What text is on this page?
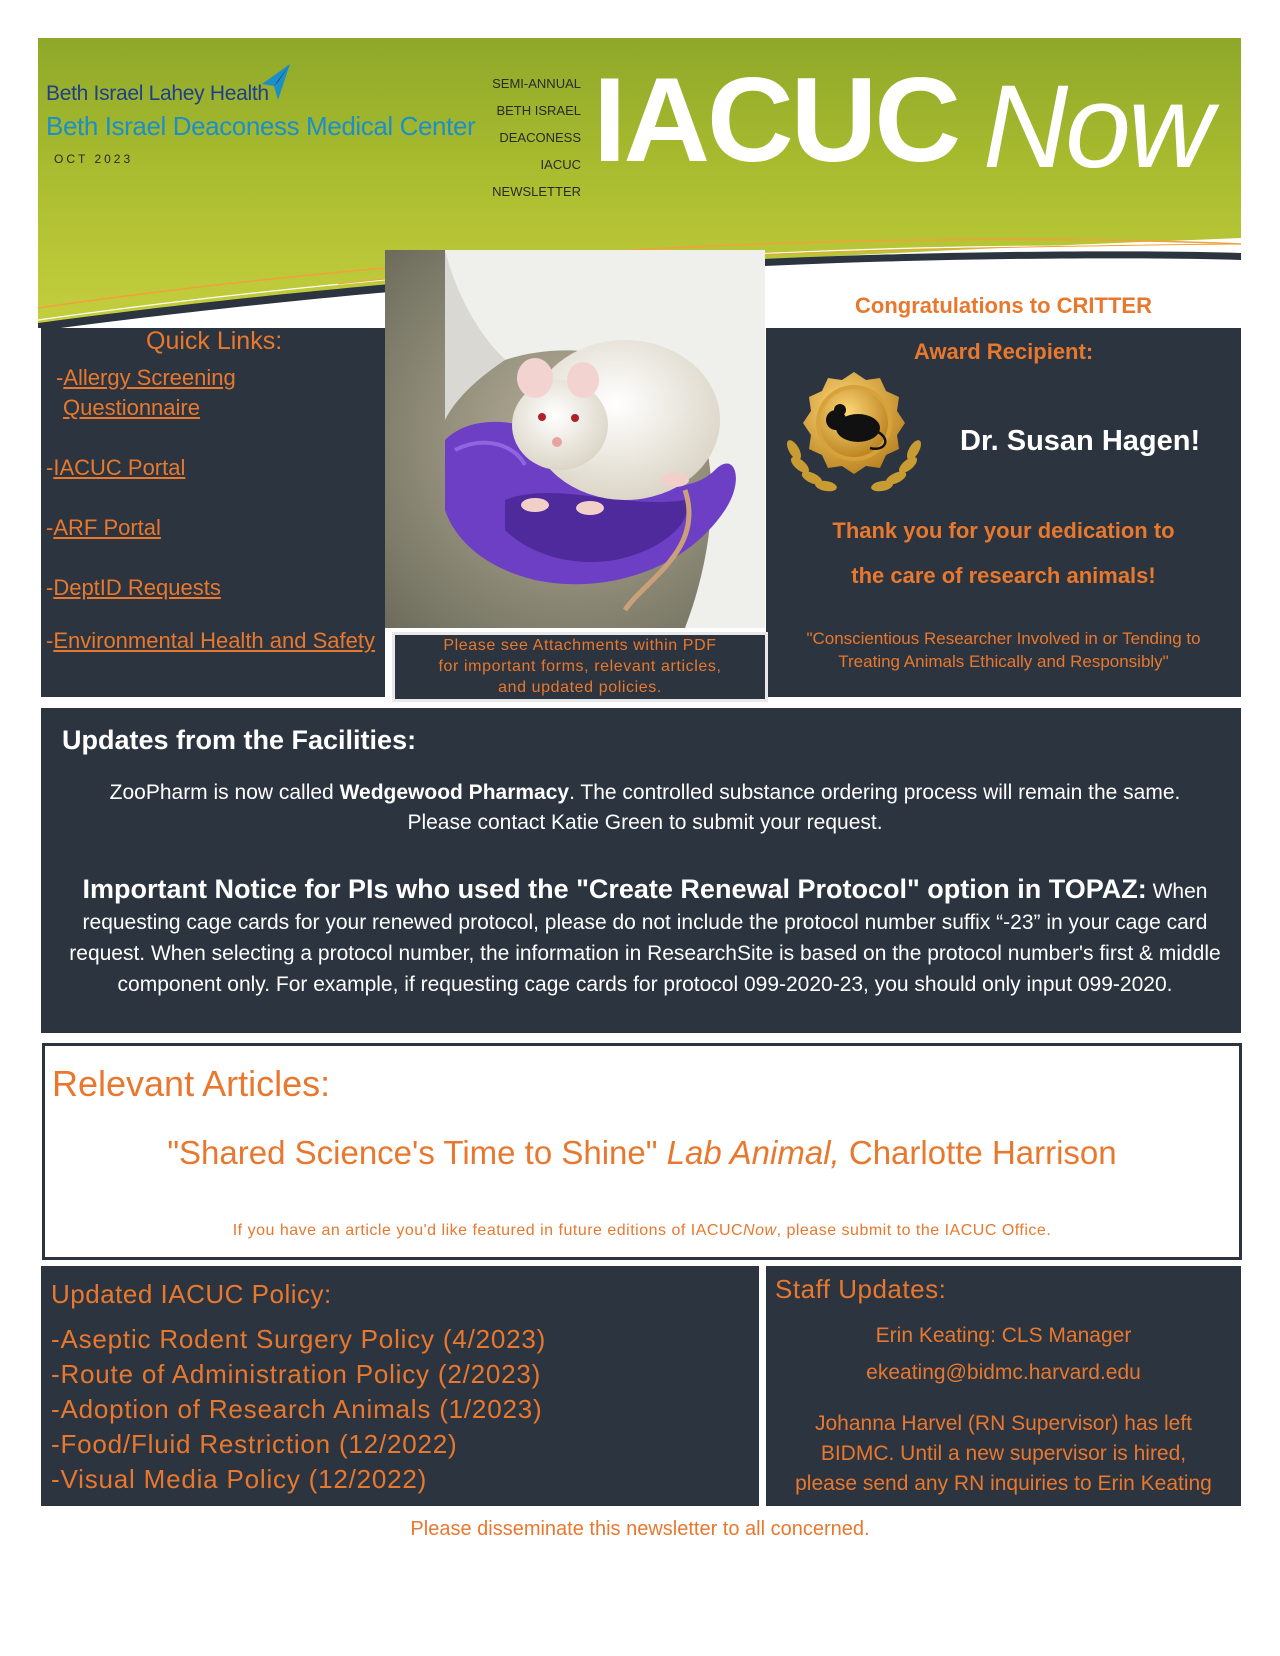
Beth Israel Lahey Health
Beth Israel Deaconess Medical Center
OCT 2023
SEMI-ANNUAL
BETH ISRAEL
DEACONESS
IACUC
NEWSLETTER
IACUC Now
Quick Links:
-Allergy Screening
Questionnaire
-IACUC Portal
-ARF Portal
-DeptID Requests
-Environmental Health and Safety	Please see Attachments within PDF
for important forms, relevant articles,
and updated policies.
Congratulations to CRITTER
Award Recipient:
Dr. Susan Hagen!
Thank you for your dedication to
the care of research animals!
"Conscientious Researcher Involved in or Tending to
Treating Animals Ethically and Responsibly"
Updates from the Facilities:
ZooPharm is now called Wedgewood Pharmacy. The controlled substance ordering process will remain the same.
Please contact Katie Green to submit your request.
Important Notice for PIs who used the "Create Renewal Protocol" option in TOPAZ: When requesting cage cards for your renewed protocol, please do not include the protocol number suffix “-23” in your cage card request. When selecting a protocol number, the information in ResearchSite is based on the protocol number's first & middle component only. For example, if requesting cage cards for protocol 099-2020-23, you should only input 099-2020.
Relevant Articles:
"Shared Science's Time to Shine" Lab Animal, Charlotte Harrison
If you have an article you'd like featured in future editions of IACUCNow, please submit to the IACUC Office.
Updated IACUC Policy:
-Aseptic Rodent Surgery Policy (4/2023)
-Route of Administration Policy (2/2023)
-Adoption of Research Animals (1/2023)
-Food/Fluid Restriction (12/2022)
-Visual Media Policy (12/2022)
Staff Updates:
Erin Keating: CLS Manager
ekeating@bidmc.harvard.edu
Johanna Harvel (RN Supervisor) has left
BIDMC. Until a new supervisor is hired,
please send any RN inquiries to Erin Keating
Please disseminate this newsletter to all concerned.
